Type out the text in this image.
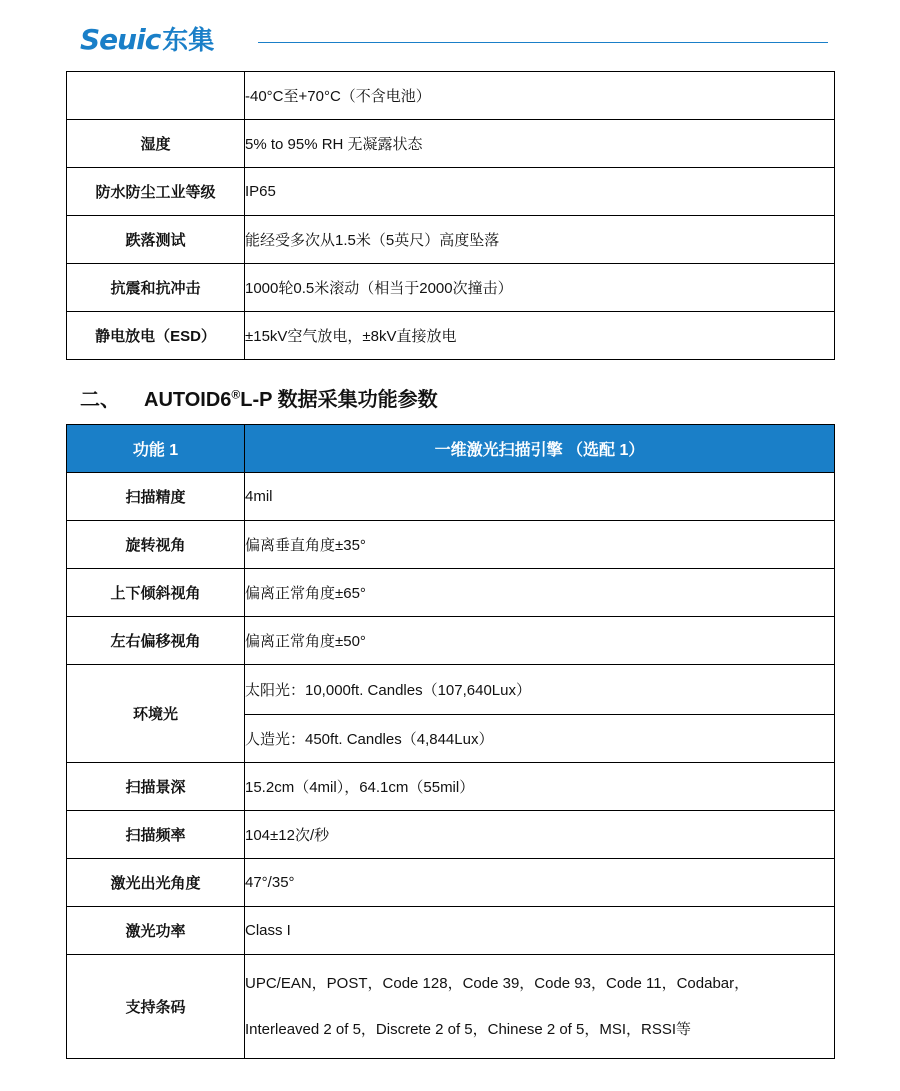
Seuic 东集
	-40°C至+70°C（不含电池）
湿度	5% to 95% RH 无凝露状态
防水防尘工业等级	IP65
跌落测试	能经受多次从1.5米（5英尺）高度坠落
抗震和抗冲击	1000轮0.5米滚动（相当于2000次撞击）
静电放电（ESD）	±15kV空气放电，±8kV直接放电
二、 AUTOID6®L-P 数据采集功能参数
功能 1	一维激光扫描引擎 （选配 1）
扫描精度	4mil
旋转视角	偏离垂直角度±35°
上下倾斜视角	偏离正常角度±65°
左右偏移视角	偏离正常角度±50°
环境光	太阳光：10,000ft. Candles（107,640Lux）
	人造光：450ft. Candles（4,844Lux）
扫描景深	15.2cm（4mil），64.1cm（55mil）
扫描频率	104±12次/秒
激光出光角度	47°/35°
激光功率	Class I
支持条码	UPC/EAN，POST，Code 128，Code 39，Code 93，Code 11，Codabar，
Interleaved 2 of 5，Discrete 2 of 5，Chinese 2 of 5，MSI，RSSI等
